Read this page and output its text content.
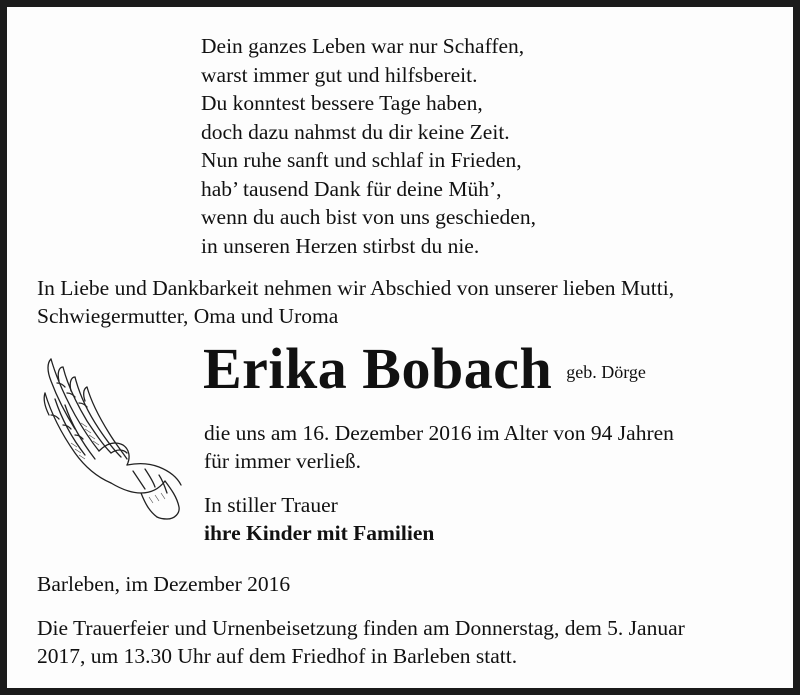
Dein ganzes Leben war nur Schaffen,
warst immer gut und hilfsbereit.
Du konntest bessere Tage haben,
doch dazu nahmst du dir keine Zeit.
Nun ruhe sanft und schlaf in Frieden,
hab’ tausend Dank für deine Müh’,
wenn du auch bist von uns geschieden,
in unseren Herzen stirbst du nie.
In Liebe und Dankbarkeit nehmen wir Abschied von unserer lieben Mutti,
Schwiegermutter, Oma und Uroma
Erika Bobach geb. Dörge
die uns am 16. Dezember 2016 im Alter von 94 Jahren
für immer verließ.
In stiller Trauer
ihre Kinder mit Familien
Barleben, im Dezember 2016
Die Trauerfeier und Urnenbeisetzung finden am Donnerstag, dem 5. Januar
2017, um 13.30 Uhr auf dem Friedhof in Barleben statt.
